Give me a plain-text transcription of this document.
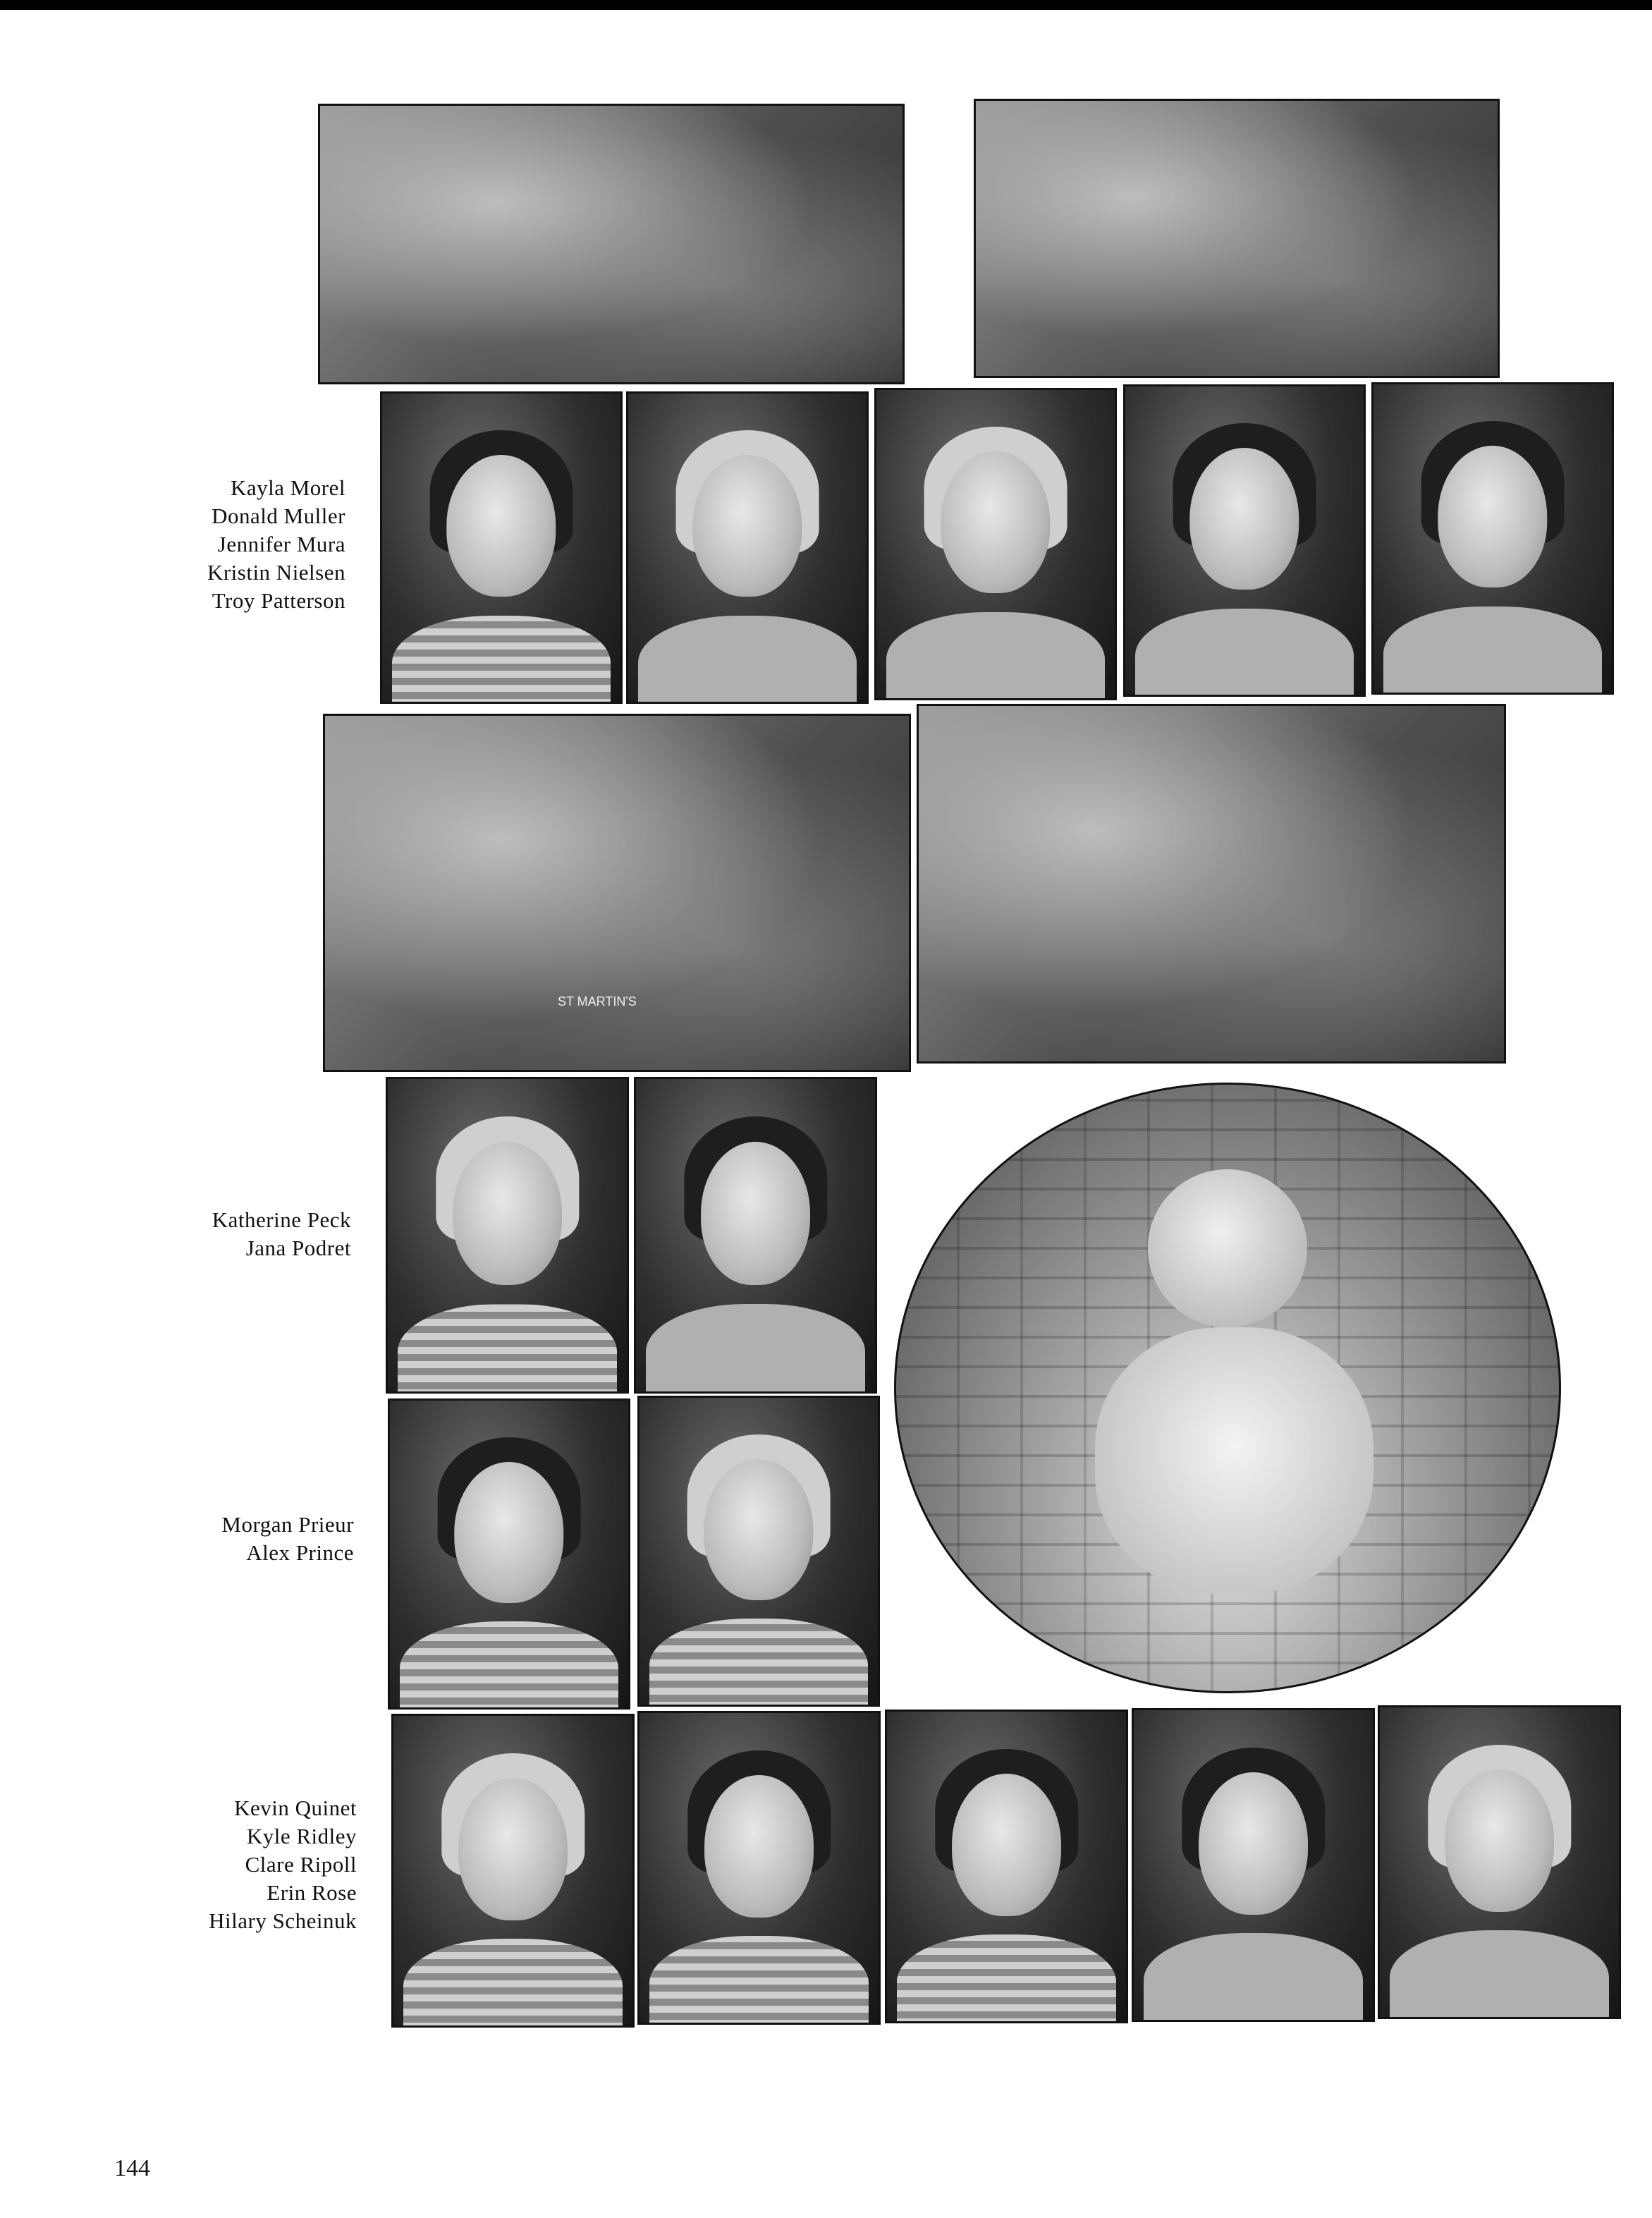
Kayla Morel
Donald Muller
Jennifer Mura
Kristin Nielsen
Troy Patterson
ST MARTIN'S
Katherine Peck
Jana Podret
Morgan Prieur
Alex Prince
Kevin Quinet
Kyle Ridley
Clare Ripoll
Erin Rose
Hilary Scheinuk
144
